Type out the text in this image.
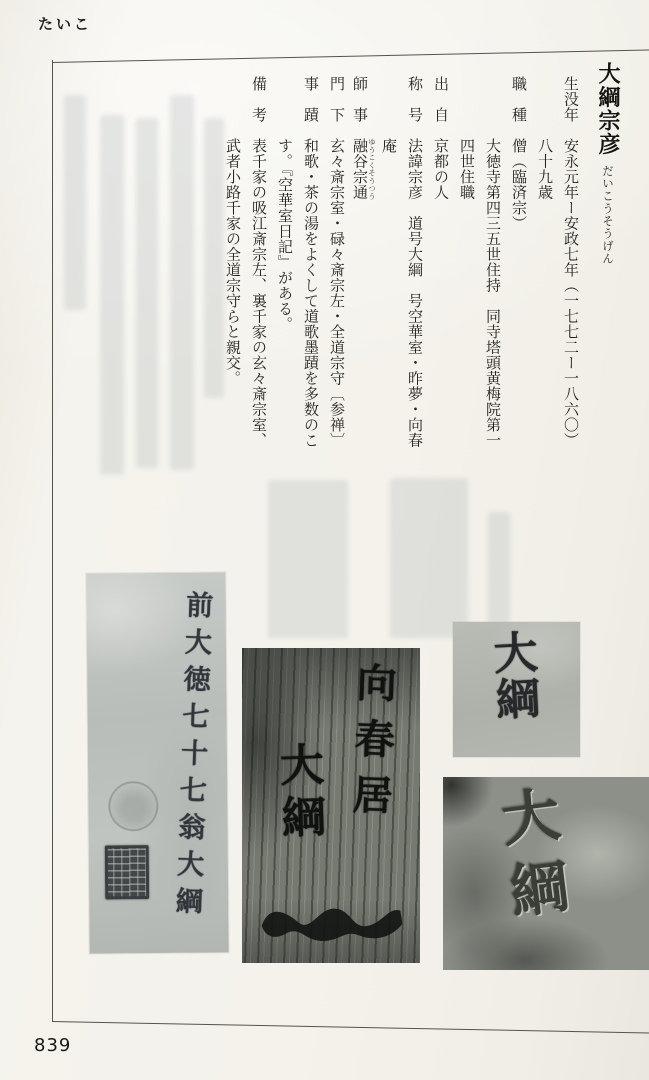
たいこ
大綱宗彦だいこうそうげん
生没年　安永元年ー安政七年（一七七二ー一八六〇）
八十九歳
職　種　僧（臨済宗）
大徳寺第四三五世住持　同寺塔頭黄梅院第一
四世住職
出　自　京都の人
称　号　法諱宗彦　道号大綱　号空華室・昨夢・向春
庵
師　事　融谷宗通ゆうこくそうつう
門　下　玄々斎宗室・碌々斎宗左・全道宗守〔参禅〕
事　蹟　和歌・茶の湯をよくして道歌墨蹟を多数のこ
す。『空華室日記』がある。
備　考　表千家の吸江斎宗左、裏千家の玄々斎宗室、
武者小路千家の全道宗守らと親交。
前大徳七十七翁大綱	向春居
大綱
大綱
大綱
839
